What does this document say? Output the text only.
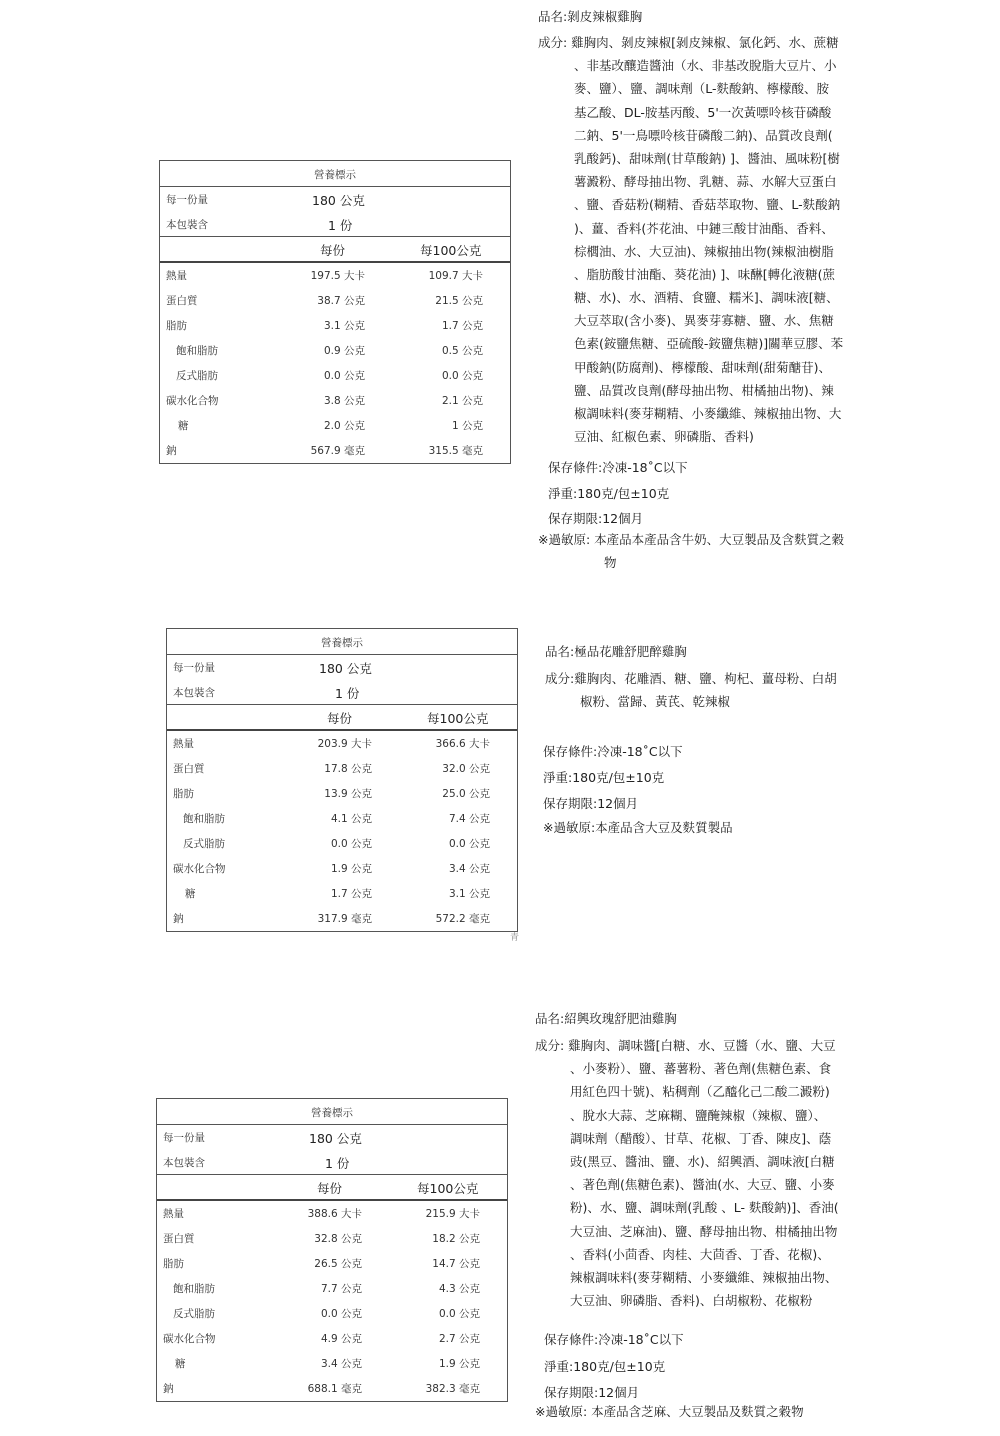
營養標示
每一份量	180 公克
本包裝含	1 份
每份	每100公克
熱量	197.5 大卡	109.7 大卡
蛋白質	38.7 公克	21.5 公克
脂肪	3.1 公克	1.7 公克
飽和脂肪	0.9 公克	0.5 公克
反式脂肪	0.0 公克	0.0 公克
碳水化合物	3.8 公克	2.1 公克
糖	2.0 公克	1 公克
鈉	567.9 毫克	315.5 毫克
品名:剝皮辣椒雞胸
成分: 雞胸肉、剝皮辣椒[剝皮辣椒、氯化鈣、水、蔗糖
、非基改釀造醬油（水、非基改脫脂大豆片、小
麥、鹽）、鹽、調味劑（L-麩酸鈉、檸檬酸、胺
基乙酸、DL-胺基丙酸、5'一次黃嘌呤核苷磷酸
二鈉、5'一鳥嘌呤核苷磷酸二鈉)、品質改良劑(
乳酸鈣)、甜味劑(甘草酸鈉) ]、醬油、風味粉[樹
薯澱粉、酵母抽出物、乳糖、蒜、水解大豆蛋白
、鹽、香菇粉(糊精、香菇萃取物、鹽、L-麩酸鈉
)、薑、香料(芥花油、中鏈三酸甘油酯、香料、
棕櫚油、水、大豆油)、辣椒抽出物(辣椒油樹脂
、脂肪酸甘油酯、葵花油) ]、味醂[轉化液糖(蔗
糖、水)、水、酒精、食鹽、糯米]、調味液[糖、
大豆萃取(含小麥)、異麥芽寡糖、鹽、水、焦糖
色素(銨鹽焦糖、亞硫酸-銨鹽焦糖)]關華豆膠、苯
甲酸鈉(防腐劑)、檸檬酸、甜味劑(甜菊醣苷)、
鹽、品質改良劑(酵母抽出物、柑橘抽出物)、辣
椒調味料(麥芽糊精、小麥纖維、辣椒抽出物、大
豆油、紅椒色素、卵磷脂、香料)
保存條件:冷凍-18˚C以下
淨重:180克/包±10克
保存期限:12個月
※過敏原: 本產品本產品含牛奶、大豆製品及含麩質之穀
物
營養標示
每一份量	180 公克
本包裝含	1 份
每份	每100公克
熱量	203.9 大卡	366.6 大卡
蛋白質	17.8 公克	32.0 公克
脂肪	13.9 公克	25.0 公克
飽和脂肪	4.1 公克	7.4 公克
反式脂肪	0.0 公克	0.0 公克
碳水化合物	1.9 公克	3.4 公克
糖	1.7 公克	3.1 公克
鈉	317.9 毫克	572.2 毫克
青
品名:極品花雕舒肥醉雞胸
成分:雞胸肉、花雕酒、糖、鹽、枸杞、薑母粉、白胡
椒粉、當歸、黃芪、乾辣椒
保存條件:冷凍-18˚C以下
淨重:180克/包±10克
保存期限:12個月
※過敏原:本產品含大豆及麩質製品
營養標示
每一份量	180 公克
本包裝含	1 份
每份	每100公克
熱量	388.6 大卡	215.9 大卡
蛋白質	32.8 公克	18.2 公克
脂肪	26.5 公克	14.7 公克
飽和脂肪	7.7 公克	4.3 公克
反式脂肪	0.0 公克	0.0 公克
碳水化合物	4.9 公克	2.7 公克
糖	3.4 公克	1.9 公克
鈉	688.1 毫克	382.3 毫克
品名:紹興玫瑰舒肥油雞胸
成分: 雞胸肉、調味醬[白糖、水、豆醬（水、鹽、大豆
、小麥粉）、鹽、蕃薯粉、著色劑(焦糖色素、食
用紅色四十號)、粘稠劑（乙醯化己二酸二澱粉)
、脫水大蒜、芝麻糊、鹽醃辣椒（辣椒、鹽）、
調味劑（醋酸）、甘草、花椒、丁香、陳皮]、蔭
豉(黑豆、醬油、鹽、水)、紹興酒、調味液[白糖
、著色劑(焦糖色素)、醬油(水、大豆、鹽、小麥
粉)、水、鹽、調味劑(乳酸 、L- 麩酸鈉)]、香油(
大豆油、芝麻油)、鹽、酵母抽出物、柑橘抽出物
、香料(小茴香、肉桂、大茴香、丁香、花椒)、
辣椒調味料(麥芽糊精、小麥纖維、辣椒抽出物、
大豆油、卵磷脂、香料)、白胡椒粉、花椒粉
保存條件:冷凍-18˚C以下
淨重:180克/包±10克
保存期限:12個月
※過敏原: 本產品含芝麻、大豆製品及麩質之穀物
